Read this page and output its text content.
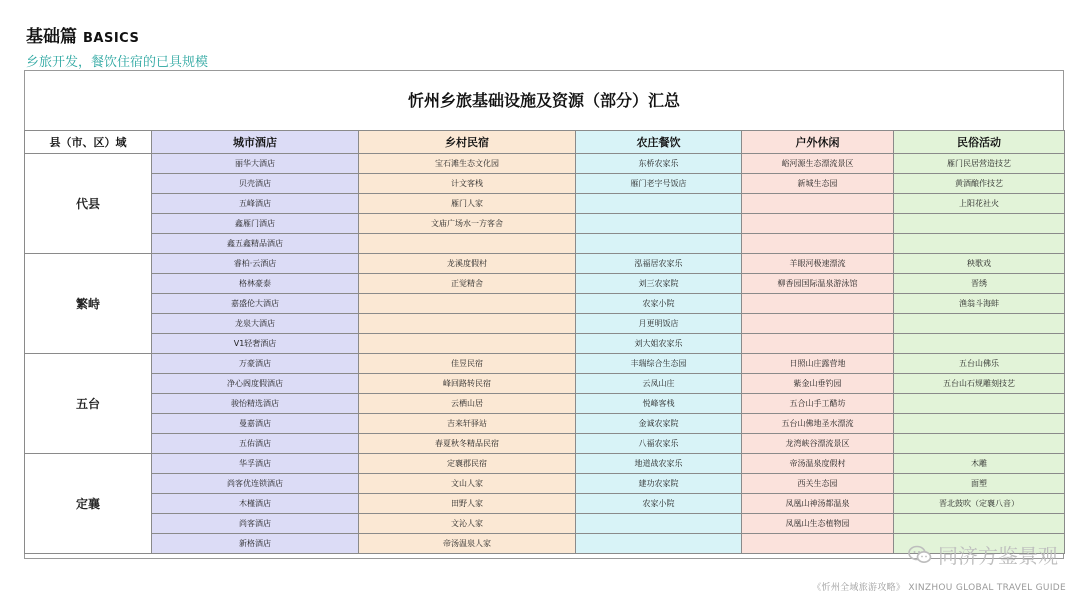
基础篇 BASICS
乡旅开发，餐饮住宿的已具规模
忻州乡旅基础设施及资源（部分）汇总
县（市、区）域	城市酒店	乡村民宿	农庄餐饮	户外休闲	民俗活动
代县	丽华大酒店	宝石滩生态文化园	东桥农家乐	峪河源生态漂流景区	雁门民居营造技艺
	贝壳酒店	计文客栈	雁门老字号饭店	新城生态园	黄酒酿作技艺
	五峰酒店	雁门人家			上阳花社火
	鑫雁门酒店	文庙广场水一方客舍			
	鑫五鑫精品酒店				
繁峙	睿柏·云酒店	龙溪度假村	泓福居农家乐	羊眼河极速漂流	秧歌戏
	格林豪泰	正觉精舍	刘三农家院	柳香园国际温泉游泳馆	晋绣
	嘉盛伦大酒店		农家小院		渔翁斗海蚌
	龙泉大酒店		月更明饭店		
	V1轻奢酒店		刘大姐农家乐		
五台	万豪酒店	佳昱民宿	丰瑞综合生态园	日照山庄露营地	五台山佛乐
	净心阁度假酒店	峰回路转民宿	云凤山庄	紫金山垂钓园	五台山石规雕刻技艺
	骏怡精选酒店	云栖山居	悦峰客栈	五合山手工醋坊	
	曼嘉酒店	吉来轩驿站	金诚农家院	五台山佛地圣水漂流	
	五佑酒店	春夏秋冬精品民宿	八福农家乐	龙湾峡谷漂流景区	
定襄	华孚酒店	定襄郡民宿	地道战农家乐	帝汤温泉度假村	木雕
	尚客优连锁酒店	文山人家	建功农家院	西关生态园	面塑
	木槿酒店	田野人家	农家小院	凤凰山神汤都温泉	晋北鼓吹（定襄八音）
	尚客酒店	文沁人家		凤凰山生态植物园	
	新格酒店	帝汤温泉人家			
同济方鉴景观
《忻州全域旅游攻略》 XINZHOU GLOBAL TRAVEL GUIDE
